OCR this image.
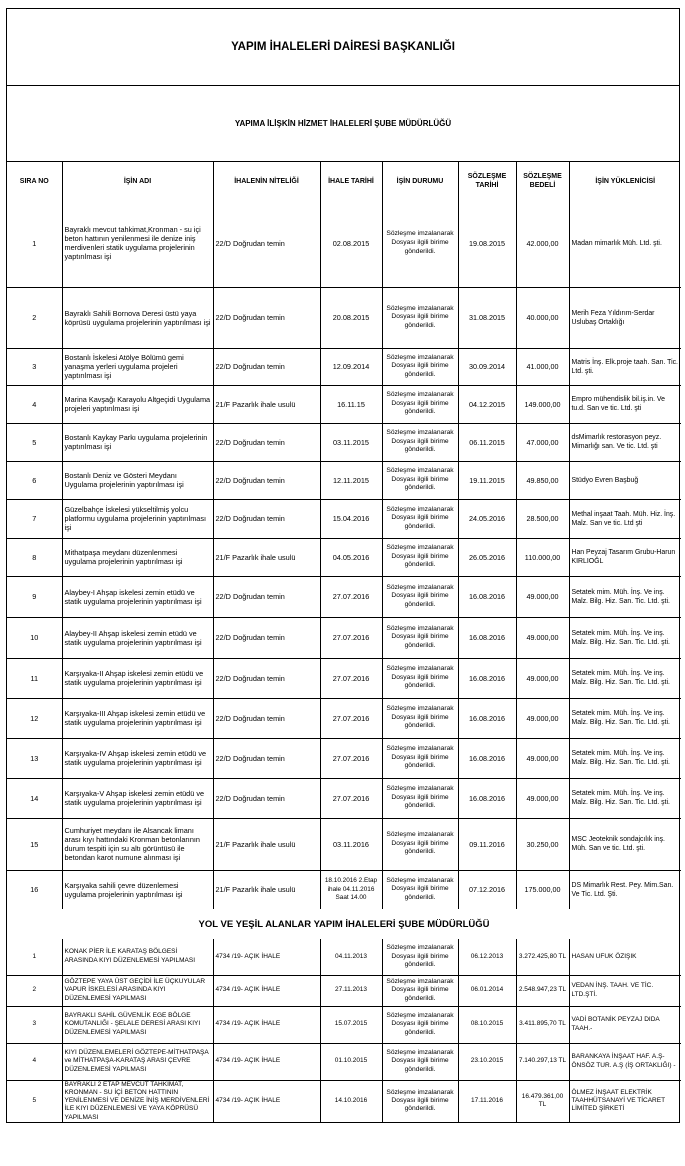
YAPIM İHALELERİ DAİRESİ BAŞKANLIĞI
YAPIMA İLİŞKİN HİZMET İHALELERİ ŞUBE MÜDÜRLÜĞÜ
SIRA NO	İŞİN ADI	İHALENİN NİTELİĞİ	İHALE TARİHİ	İŞİN DURUMU	SÖZLEŞME TARİHİ	SÖZLEŞME BEDELİ	İŞİN YÜKLENİCİSİ
1	Bayraklı mevcut tahkimat,Kronman - su içi beton hattının yenilenmesi ile denize iniş merdivenleri statik uygulama projelerinin yaptırılması işi	22/D Doğrudan temin	02.08.2015	Sözleşme imzalanarak Dosyası ilgili birime gönderildi.	19.08.2015	42.000,00	Madan mimarlık Müh. Ltd. şti.
2	Bayraklı Sahili Bornova Deresi üstü yaya köprüsü uygulama projelerinin yaptırılması işi	22/D Doğrudan temin	20.08.2015	Sözleşme imzalanarak Dosyası ilgili birime gönderildi.	31.08.2015	40.000,00	Merih Feza Yıldırım-Serdar Uslubaş Ortaklığı
3	Bostanlı İskelesi Atölye Bölümü gemi yanaşma yerleri uygulama projeleri yaptırılması işi	22/D Doğrudan temin	12.09.2014	Sözleşme imzalanarak Dosyası ilgili birime gönderildi.	30.09.2014	41.000,00	Matris İnş. Elk.proje taah. San. Tic. Ltd. şti.
4	Marina Kavşağı Karayolu Altgeçidi Uygulama projeleri yaptırılması işi	21/F Pazarlık ihale usulü	16.11.15	Sözleşme imzalanarak Dosyası ilgili birime gönderildi.	04.12.2015	149.000,00	Empro mühendislik bil.iş.in. Ve tu.d. San ve tic. Ltd. şti
5	Bostanlı Kaykay Parkı uygulama projelerinin yaptırılması işi	22/D Doğrudan temin	03.11.2015	Sözleşme imzalanarak Dosyası ilgili birime gönderildi.	06.11.2015	47.000,00	dsMimarlık restorasyon peyz. Mimarlığı san. Ve tic. Ltd. şti
6	Bostanlı Deniz ve Gösteri Meydanı Uygulama projelerinin yaptırılması işi	22/D Doğrudan temin	12.11.2015	Sözleşme imzalanarak Dosyası ilgili birime gönderildi.	19.11.2015	49.850,00	Stüdyo Evren Başbuğ
7	Güzelbahçe İskelesi yükseltilmiş yolcu platformu uygulama projelerinin yaptırılması işi	22/D Doğrudan temin	15.04.2016	Sözleşme imzalanarak Dosyası ilgili birime gönderildi.	24.05.2016	28.500,00	Methal inşaat Taah. Müh. Hiz. İnş. Malz. San ve tic. Ltd şti
8	Mithatpaşa meydanı düzenlenmesi uygulama projelerinin yaptırılması işi	21/F Pazarlık ihale usulü	04.05.2016	Sözleşme imzalanarak Dosyası ilgili birime gönderildi.	26.05.2016	110.000,00	Han Peyzaj Tasarım Grubu-Harun KIRLIOĞL
9	Alaybey-I Ahşap iskelesi zemin etüdü ve statik uygulama projelerinin yaptırılması işi	22/D Doğrudan temin	27.07.2016	Sözleşme imzalanarak Dosyası ilgili birime gönderildi.	16.08.2016	49.000,00	Setatek mim. Müh. İnş. Ve inş. Malz. Bilg. Hiz. San. Tic. Ltd. şti.
10	Alaybey-II Ahşap iskelesi zemin etüdü ve statik uygulama projelerinin yaptırılması işi	22/D Doğrudan temin	27.07.2016	Sözleşme imzalanarak Dosyası ilgili birime gönderildi.	16.08.2016	49.000,00	Setatek mim. Müh. İnş. Ve inş. Malz. Bilg. Hiz. San. Tic. Ltd. şti.
11	Karşıyaka-II Ahşap iskelesi zemin etüdü ve statik uygulama projelerinin yaptırılması işi	22/D Doğrudan temin	27.07.2016	Sözleşme imzalanarak Dosyası ilgili birime gönderildi.	16.08.2016	49.000,00	Setatek mim. Müh. İnş. Ve inş. Malz. Bilg. Hiz. San. Tic. Ltd. şti.
12	Karşıyaka-III Ahşap iskelesi zemin etüdü ve statik uygulama projelerinin yaptırılması işi	22/D Doğrudan temin	27.07.2016	Sözleşme imzalanarak Dosyası ilgili birime gönderildi.	16.08.2016	49.000,00	Setatek mim. Müh. İnş. Ve inş. Malz. Bilg. Hiz. San. Tic. Ltd. şti.
13	Karşıyaka-IV Ahşap iskelesi zemin etüdü ve statik uygulama projelerinin yaptırılması işi	22/D Doğrudan temin	27.07.2016	Sözleşme imzalanarak Dosyası ilgili birime gönderildi.	16.08.2016	49.000,00	Setatek mim. Müh. İnş. Ve inş. Malz. Bilg. Hiz. San. Tic. Ltd. şti.
14	Karşıyaka-V Ahşap iskelesi zemin etüdü ve statik uygulama projelerinin yaptırılması işi	22/D Doğrudan temin	27.07.2016	Sözleşme imzalanarak Dosyası ilgili birime gönderildi.	16.08.2016	49.000,00	Setatek mim. Müh. İnş. Ve inş. Malz. Bilg. Hiz. San. Tic. Ltd. şti.
15	Cumhuriyet meydanı ile Alsancak limanı arası kıyı hattındaki Kronman betonlarının durum tespiti için su altı görüntüsü ile betondan karot numune alınması işi	21/F Pazarlık ihale usulü	03.11.2016	Sözleşme imzalanarak Dosyası ilgili birime gönderildi.	09.11.2016	30.250,00	MSC Jeoteknik sondajcılık inş. Müh. San ve tic. Ltd. şti.
16	Karşıyaka sahili çevre düzenlemesi uygulama projelerinin yaptırılması işi	21/F Pazarlık ihale usulü	18.10.2016 2.Etap ihale 04.11.2016 Saat 14.00	Sözleşme imzalanarak Dosyası ilgili birime gönderildi.	07.12.2016	175.000,00	DS Mimarlık Rest. Pey. Mim.San. Ve Tic. Ltd. Şti.
YOL VE YEŞİL ALANLAR YAPIM İHALELERİ ŞUBE MÜDÜRLÜĞÜ							
1	KONAK PİER İLE KARATAŞ BÖLGESİ ARASINDA KIYI DÜZENLEMESİ YAPILMASI	4734 /19- AÇIK İHALE	04.11.2013	Sözleşme imzalanarak Dosyası ilgili birime gönderildi.	06.12.2013	3.272.425,80 TL	HASAN UFUK ÖZIŞIK
2	GÖZTEPE YAYA ÜST GEÇİDİ İLE ÜÇKUYULAR VAPUR İSKELESİ ARASINDA KIYI DÜZENLEMESİ YAPILMASI	4734 /19- AÇIK İHALE	27.11.2013	Sözleşme imzalanarak Dosyası ilgili birime gönderildi.	06.01.2014	2.548.947,23 TL	VEDAN İNŞ. TAAH. VE TİC. LTD.ŞTİ.
3	BAYRAKLI SAHİL GÜVENLİK EGE BÖLGE KOMUTANLIĞI - ŞELALE DERESİ ARASI KIYI DÜZENLEMESİ YAPILMASI	4734 /19- AÇIK İHALE	15.07.2015	Sözleşme imzalanarak Dosyası ilgili birime gönderildi.	08.10.2015	3.411.895,70 TL	VADİ BOTANİK PEYZAJ DIDA TAAH.-
4	KIYI DÜZENLEMELERİ GÖZTEPE-MİTHATPAŞA ve MİTHATPAŞA-KARATAŞ ARASI ÇEVRE DÜZENLEMESİ YAPILMASI	4734 /19- AÇIK İHALE	01.10.2015	Sözleşme imzalanarak Dosyası ilgili birime gönderildi.	23.10.2015	7.140.297,13 TL	BARANKAYA İNŞAAT HAF. A.Ş- ÖNSÖZ TUR. A.Ş (İŞ ORTAKLIĞI) -
5	BAYRAKLI 2 ETAP MEVCUT TAHKİMAT, KRONMAN - SU İÇİ BETON HATTININ YENİLENMESİ VE DENİZE İNİŞ MERDİVENLERİ İLE KIYI DÜZENLEMESİ VE YAYA KÖPRÜSÜ YAPILMASI	4734 /19- AÇIK İHALE	14.10.2016	Sözleşme imzalanarak Dosyası ilgili birime gönderildi.	17.11.2016	16.479.361,00 TL	ÖLMEZ İNŞAAT ELEKTRİK TAAHHÜTSANAYİ VE TİCARET LİMİTED ŞİRKETİ
